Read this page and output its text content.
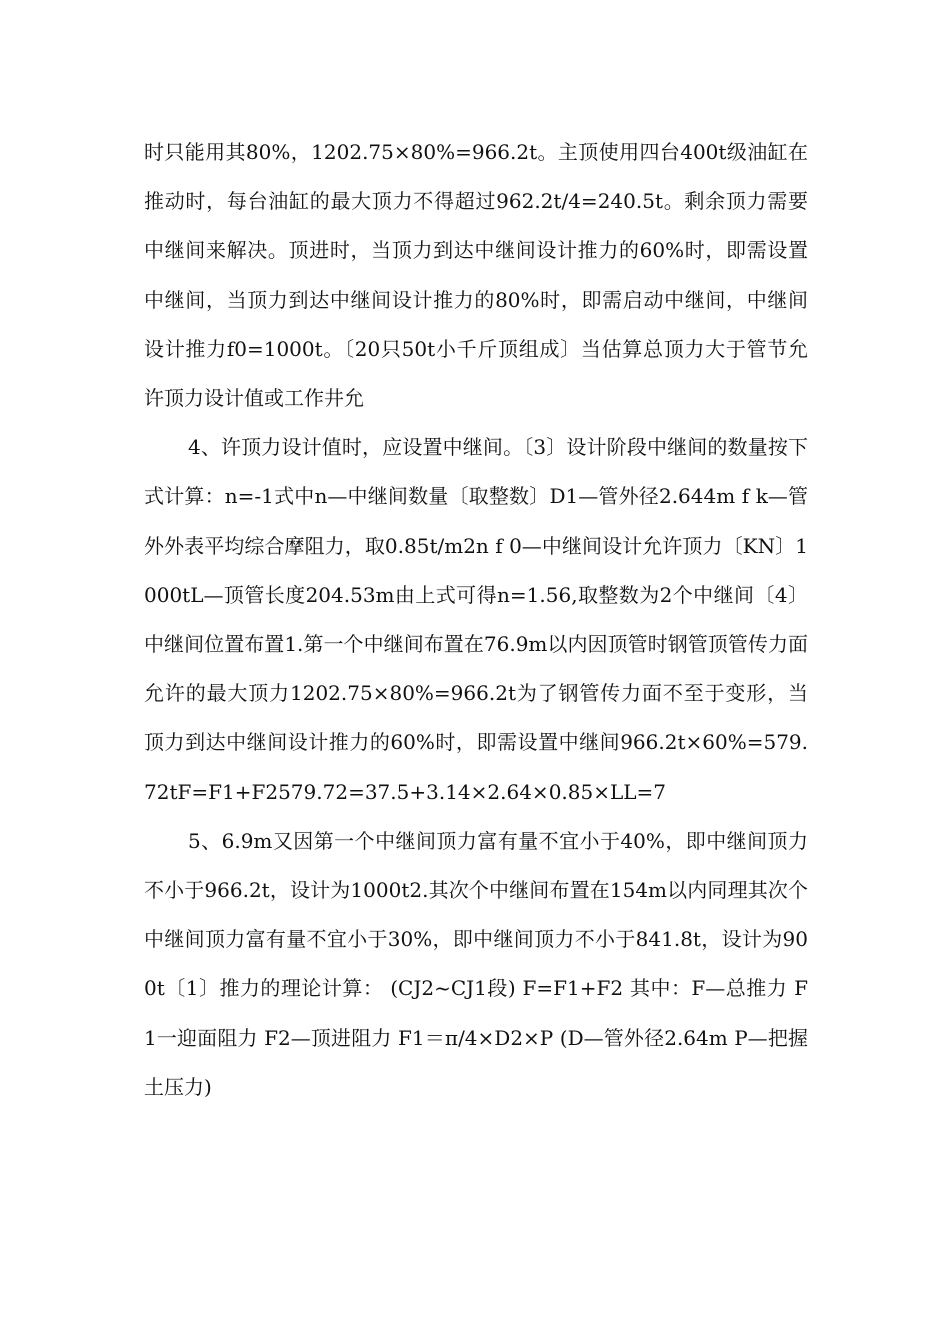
时只能用其80%，1202.75×80%=966.2t。主顶使用四台400t级油缸在推动时，每台油缸的最大顶力不得超过962.2t/4=240.5t。剩余顶力需要中继间来解决。顶进时，当顶力到达中继间设计推力的60%时，即需设置中继间，当顶力到达中继间设计推力的80%时，即需启动中继间，中继间设计推力f0=1000t。〔20只50t小千斤顶组成〕当估算总顶力大于管节允许顶力设计值或工作井允

4、许顶力设计值时，应设置中继间。〔3〕设计阶段中继间的数量按下式计算：n=-1式中n—中继间数量〔取整数〕D1—管外径2.644m f k—管外外表平均综合摩阻力，取0.85t/m2n f 0—中继间设计允许顶力〔KN〕1000tL—顶管长度204.53m由上式可得n=1.56,取整数为2个中继间〔4〕中继间位置布置1.第一个中继间布置在76.9m以内因顶管时钢管顶管传力面允许的最大顶力1202.75×80%=966.2t为了钢管传力面不至于变形，当顶力到达中继间设计推力的60%时，即需设置中继间966.2t×60%=579.72tF=F1+F2579.72=37.5+3.14×2.64×0.85×LL=7

5、6.9m又因第一个中继间顶力富有量不宜小于40%，即中继间顶力不小于966.2t，设计为1000t2.其次个中继间布置在154m以内同理其次个中继间顶力富有量不宜小于30%，即中继间顶力不小于841.8t，设计为900t〔1〕推力的理论计算： (CJ2~CJ1段) F=F1+F2 其中：F—总推力 F1一迎面阻力 F2—顶进阻力 F1＝π/4×D2×P (D—管外径2.64m P—把握土压力)
